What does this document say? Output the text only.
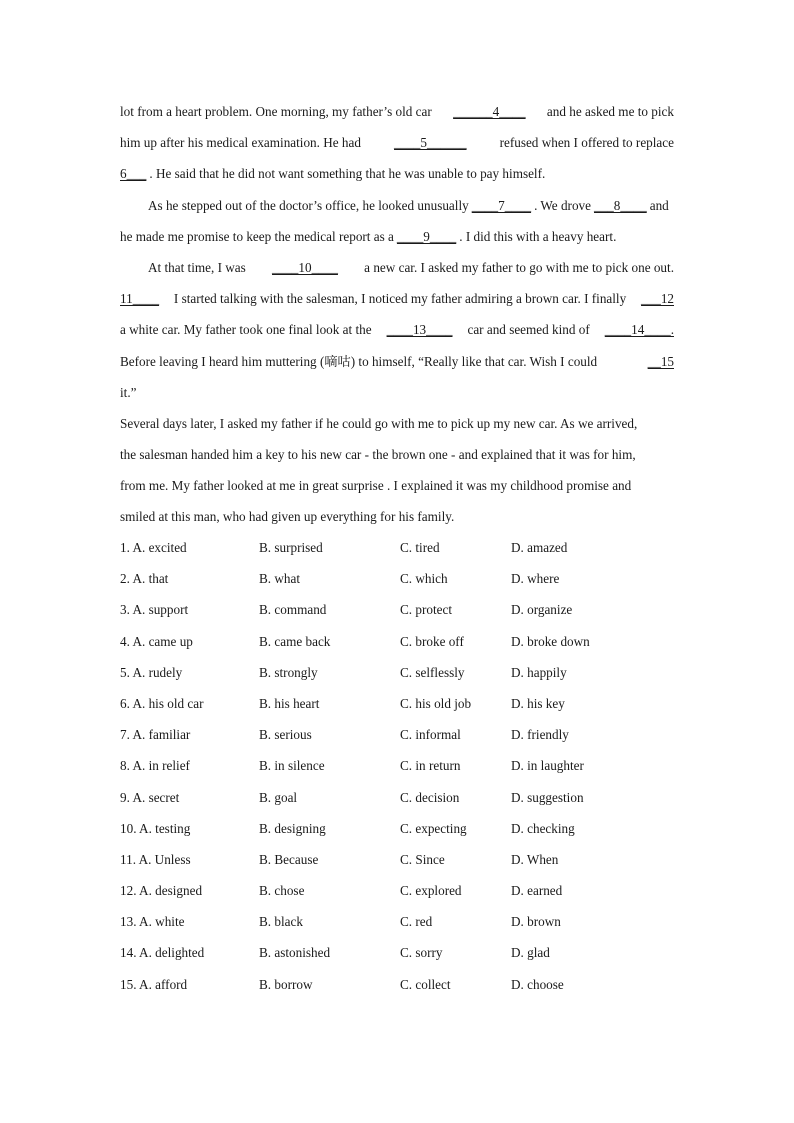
lot from a heart problem. One morning, my father’s old car ______4____ and he asked me to pick
him up after his medical examination. He had	____5______	refused when I offered to replace
6___ . He said that he did not want something that he was unable to pay himself.
As he stepped out of the doctor’s office, he looked unusually ____7____ . We drove ___8____ and
he made me promise to keep the medical report as a ____9____ . I did this with a heavy heart.
At that time, I was ____10____ a new car. I asked my father to go with me to pick one out.
11____ I started talking with the salesman, I noticed my father admiring a brown car. I finally ___12
a white car. My father took one final look at the ____13____ car and seemed kind of ____14____.
Before leaving I heard him muttering (嘀咕) to himself, “Really like that car. Wish I could	__15
it.”
Several days later, I asked my father if he could go with me to pick up my new car. As we arrived,
the salesman handed him a key to his new car - the brown one - and explained that it was for him,
from me. My father looked at me in great surprise . I explained it was my childhood promise and
smiled at this man, who had given up everything for his family.
1. A. excited	B. surprised	C. tired	D. amazed
2. A. that	B. what	C. which	D. where
3. A. support	B. command	C. protect	D. organize
4. A. came up	B. came back	C. broke off	D. broke down
5. A. rudely	B. strongly	C. selflessly	D. happily
6. A. his old car	B. his heart	C. his old job	D. his key
7. A. familiar	B. serious	C. informal	D. friendly
8. A. in relief	B. in silence	C. in return	D. in laughter
9. A. secret	B. goal	C. decision	D. suggestion
10. A. testing	B. designing	C. expecting	D. checking
11. A. Unless	B. Because	C. Since	D. When
12. A. designed	B. chose	C. explored	D. earned
13. A. white	B. black	C. red	D. brown
14. A. delighted	B. astonished	C. sorry	D. glad
15. A. afford	B. borrow	C. collect	D. choose
